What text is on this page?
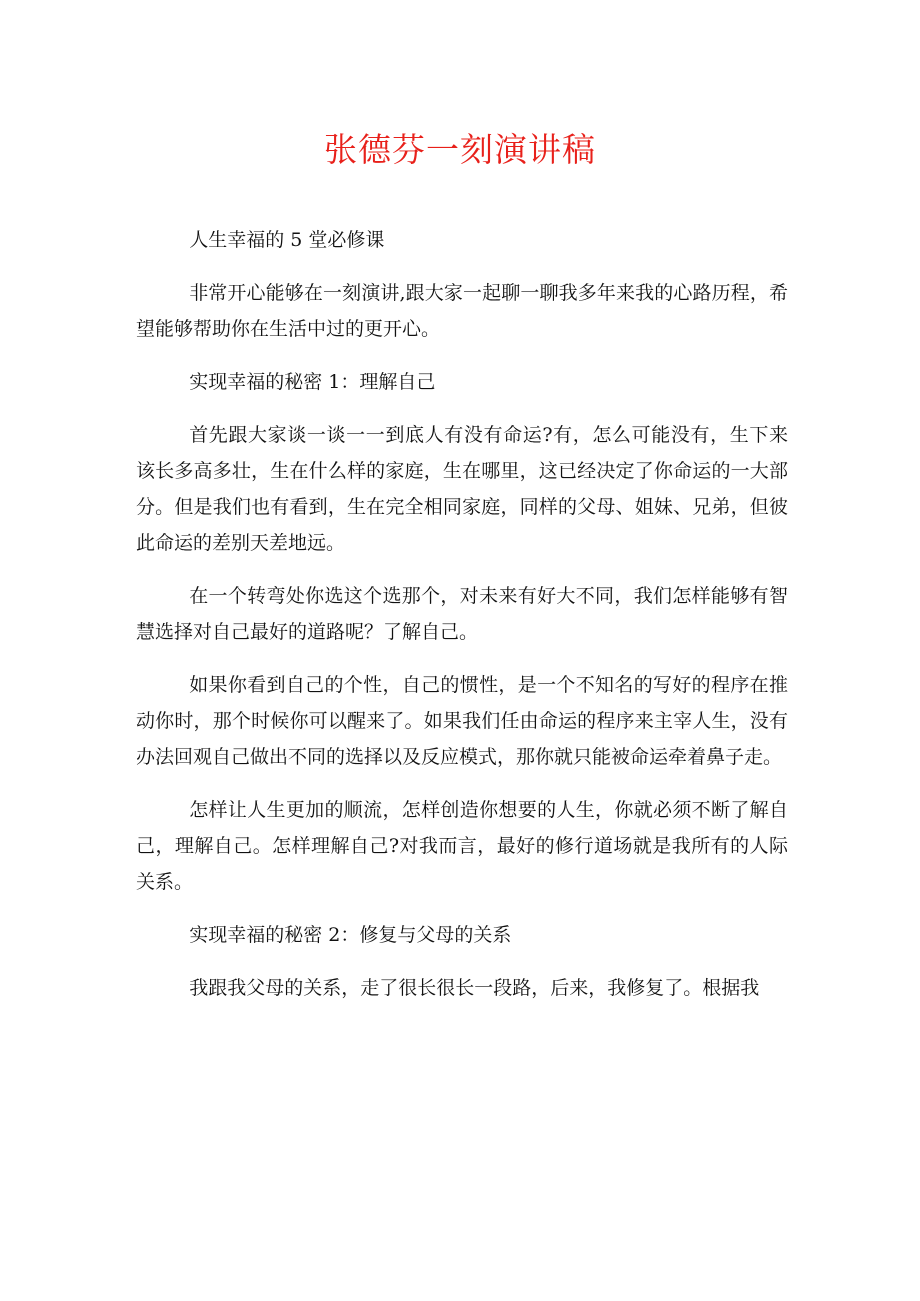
张德芬一刻演讲稿

人生幸福的 5 堂必修课

非常开心能够在一刻演讲,跟大家一起聊一聊我多年来我的心路历程，希望能够帮助你在生活中过的更开心。

实现幸福的秘密 1：理解自己

首先跟大家谈一谈一一到底人有没有命运?有，怎么可能没有，生下来该长多高多壮，生在什么样的家庭，生在哪里，这已经决定了你命运的一大部分。但是我们也有看到，生在完全相同家庭，同样的父母、姐妹、兄弟，但彼此命运的差别天差地远。

在一个转弯处你选这个选那个，对未来有好大不同，我们怎样能够有智慧选择对自己最好的道路呢？了解自己。

如果你看到自己的个性，自己的惯性，是一个不知名的写好的程序在推动你时，那个时候你可以醒来了。如果我们任由命运的程序来主宰人生，没有办法回观自己做出不同的选择以及反应模式，那你就只能被命运牵着鼻子走。

怎样让人生更加的顺流，怎样创造你想要的人生，你就必须不断了解自己，理解自己。怎样理解自己?对我而言，最好的修行道场就是我所有的人际关系。

实现幸福的秘密 2：修复与父母的关系

我跟我父母的关系，走了很长很长一段路，后来，我修复了。根据我
